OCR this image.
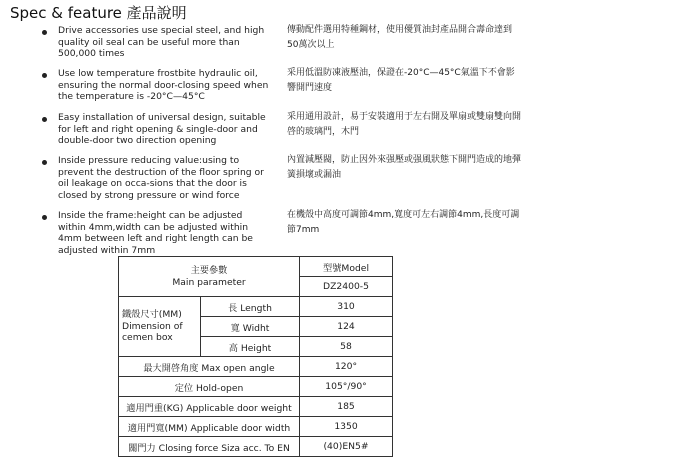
Spec & feature 產品說明
Drive accessories use special steel, and high quality oil seal can be useful more than 500,000 times
傳動配件選用特種鋼材，使用優質油封產品開合壽命達到50萬次以上
Use low temperature frostbite hydraulic oil, ensuring the normal door-closing speed when the temperature is -20°C—45°C
采用低溫防凍液壓油，保證在-20°C—45°C氣溫下不會影響開門速度
Easy installation of universal design, suitable for left and right opening & single-door and double-door two direction opening
采用通用設計，易于安裝適用于左右開及單扇或雙扇雙向開啓的玻璃門，木門
Inside pressure reducing value:using to prevent the destruction of the floor spring or oil leakage on occa-sions that the door is closed by strong pressure or wind force
內置減壓閥，防止因外來强壓或强風狀態下開門造成的地彈簧損壞或漏油
Inside the frame:height can be adjusted within 4mm,width can be adjusted within 4mm between left and right length can be adjusted within 7mm
在機殼中高度可調節4mm,寬度可左右調節4mm,長度可調節7mm
主要參數
Main parameter		型號Model
		DZ2400-5
鐵殼尺寸(MM) Dimension of cemen box	長 Length	310
	寬 Widht	124
	高 Height	58
最大開啓角度 Max open angle		120°
定位 Hold-open		105°/90°
適用門重(KG) Applicable door weight		185
適用門寬(MM) Applicable door width		1350
關門力 Closing force Siza acc. To EN		(40)EN5#
